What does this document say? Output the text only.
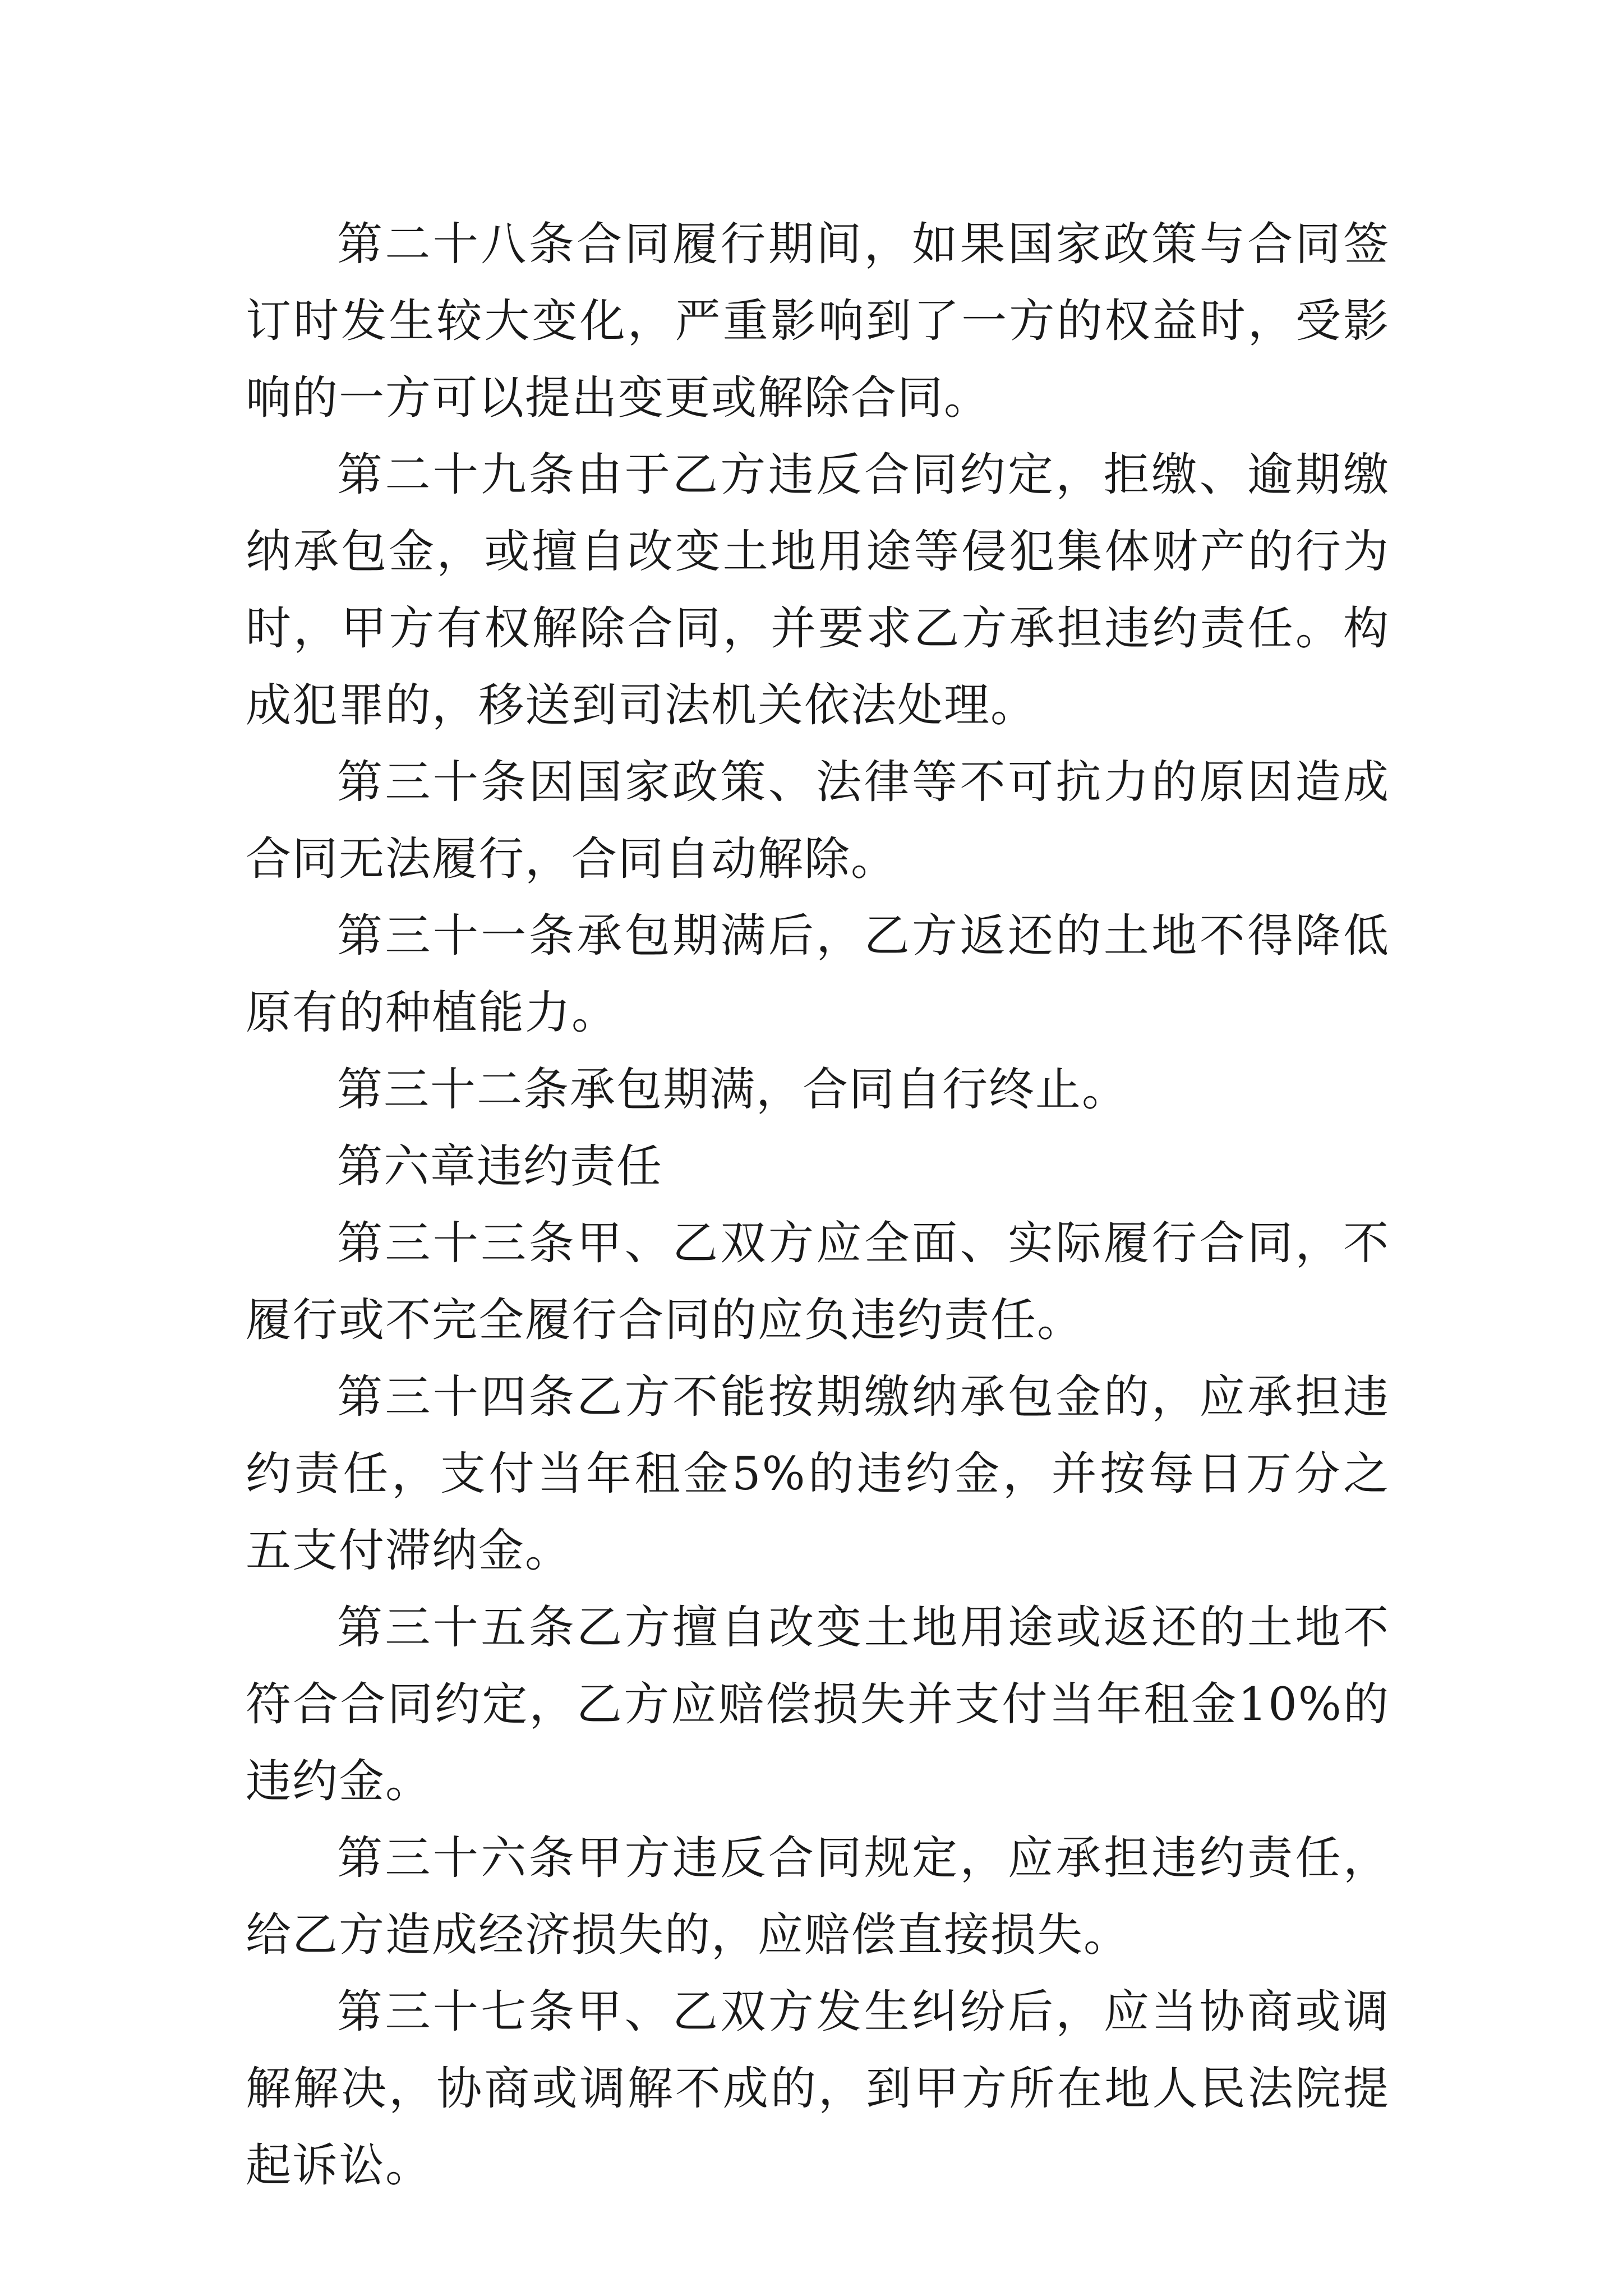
第二十八条合同履行期间，如果国家政策与合同签订时发生较大变化，严重影响到了一方的权益时，受影响的一方可以提出变更或解除合同。

第二十九条由于乙方违反合同约定，拒缴、逾期缴纳承包金，或擅自改变土地用途等侵犯集体财产的行为时，甲方有权解除合同，并要求乙方承担违约责任。构成犯罪的，移送到司法机关依法处理。

第三十条因国家政策、法律等不可抗力的原因造成合同无法履行，合同自动解除。

第三十一条承包期满后，乙方返还的土地不得降低原有的种植能力。

第三十二条承包期满，合同自行终止。

第六章违约责任

第三十三条甲、乙双方应全面、实际履行合同，不履行或不完全履行合同的应负违约责任。

第三十四条乙方不能按期缴纳承包金的，应承担违约责任，支付当年租金5%的违约金，并按每日万分之五支付滞纳金。

第三十五条乙方擅自改变土地用途或返还的土地不符合合同约定，乙方应赔偿损失并支付当年租金10%的违约金。

第三十六条甲方违反合同规定，应承担违约责任，给乙方造成经济损失的，应赔偿直接损失。

第三十七条甲、乙双方发生纠纷后，应当协商或调解解决，协商或调解不成的，到甲方所在地人民法院提起诉讼。
